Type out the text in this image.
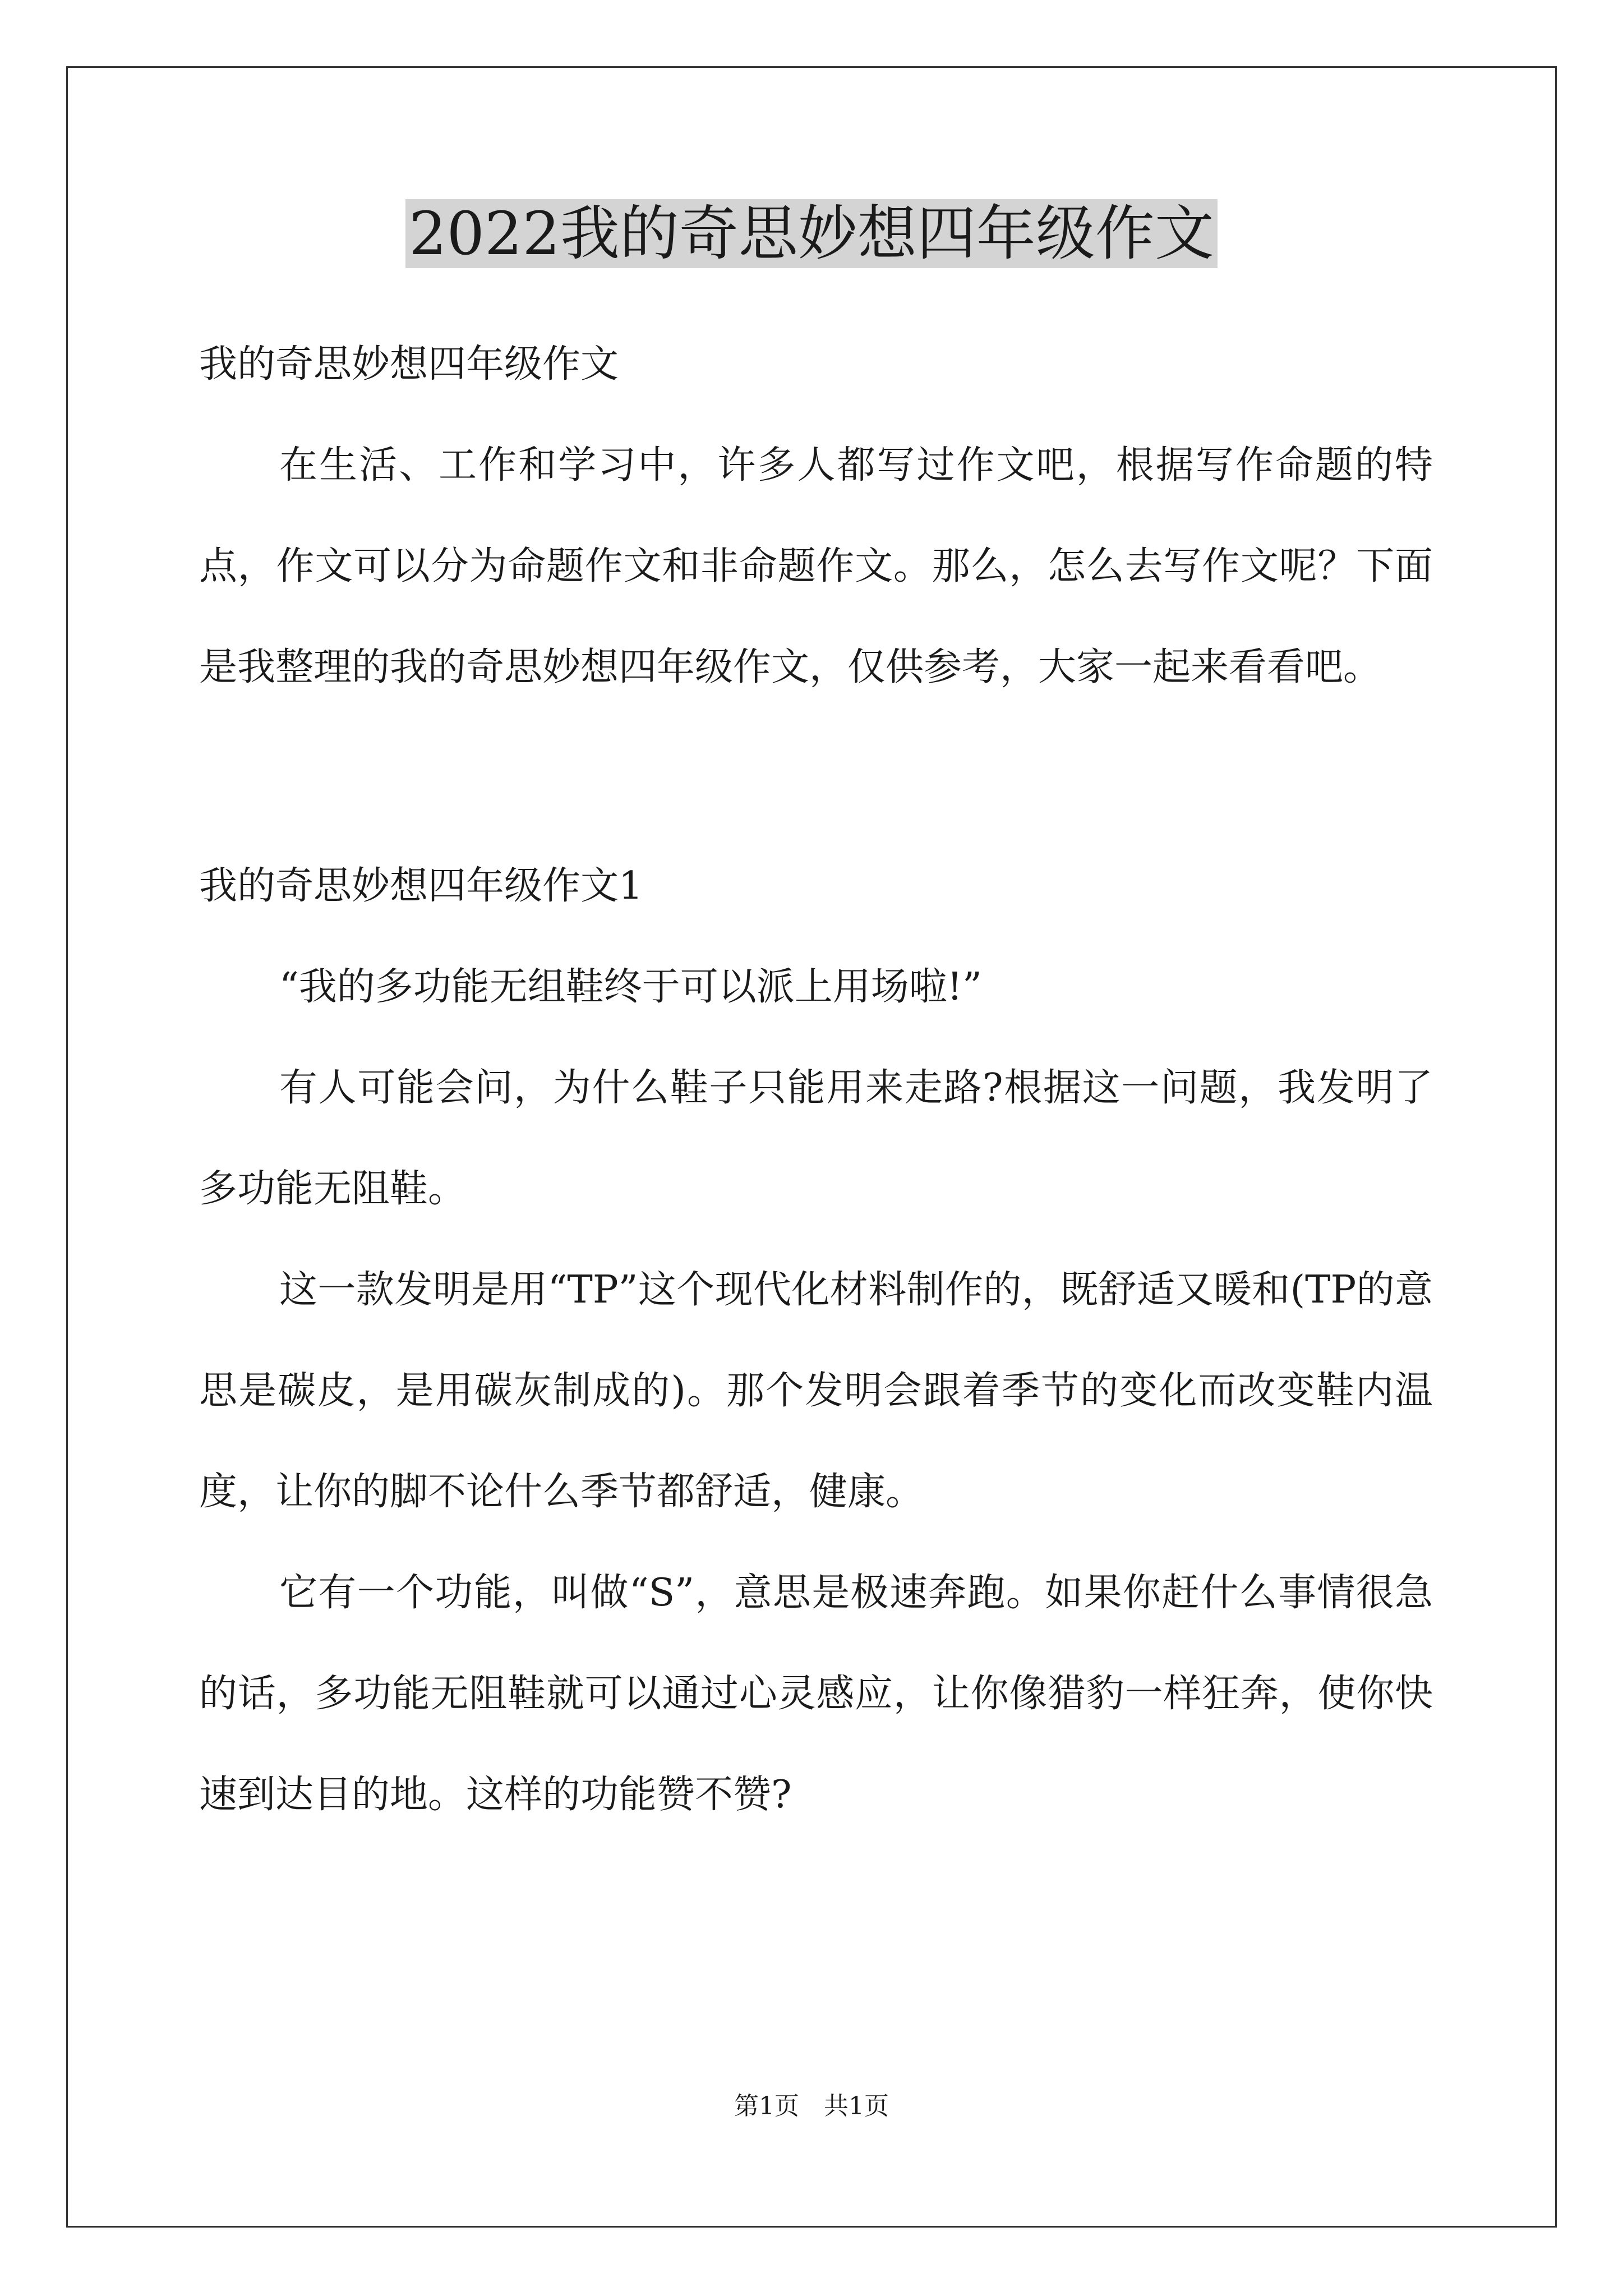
2022我的奇思妙想四年级作文

我的奇思妙想四年级作文

在生活、工作和学习中，许多人都写过作文吧，根据写作命题的特点，作文可以分为命题作文和非命题作文。那么，怎么去写作文呢？下面是我整理的我的奇思妙想四年级作文，仅供参考，大家一起来看看吧。

我的奇思妙想四年级作文1

“我的多功能无组鞋终于可以派上用场啦!”

有人可能会问，为什么鞋子只能用来走路?根据这一问题，我发明了多功能无阻鞋。

这一款发明是用“TP”这个现代化材料制作的，既舒适又暖和(TP的意思是碳皮，是用碳灰制成的)。那个发明会跟着季节的变化而改变鞋内温度，让你的脚不论什么季节都舒适，健康。

它有一个功能，叫做“S”，意思是极速奔跑。如果你赶什么事情很急的话，多功能无阻鞋就可以通过心灵感应，让你像猎豹一样狂奔，使你快速到达目的地。这样的功能赞不赞?

第1页 共1页
